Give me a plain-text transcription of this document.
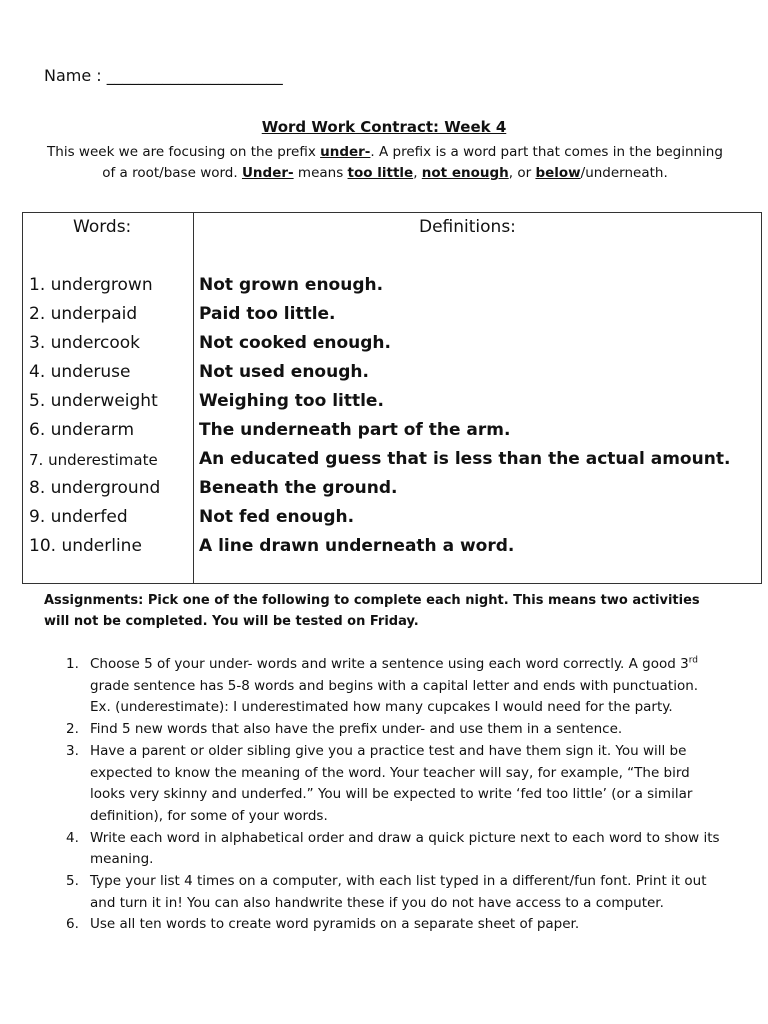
Name : ______________________
Word Work Contract: Week 4
This week we are focusing on the prefix under-. A prefix is a word part that comes in the beginning of a root/base word. Under- means too little, not enough, or below/underneath.
Words:	Definitions:
1. undergrown	Not grown enough.
2. underpaid	Paid too little.
3. undercook	Not cooked enough.
4. underuse	Not used enough.
5. underweight Weighing too little.
6. underarm	The underneath part of the arm.
7. underestimate An educated guess that is less than the actual amount.
8. underground Beneath the ground.
9. underfed	Not fed enough.
10. underline	A line drawn underneath a word.
Assignments: Pick one of the following to complete each night. This means two activities will not be completed. You will be tested on Friday.
1. Choose 5 of your under- words and write a sentence using each word correctly. A good 3rd grade sentence has 5-8 words and begins with a capital letter and ends with punctuation.
Ex. (underestimate): I underestimated how many cupcakes I would need for the party.
2. Find 5 new words that also have the prefix under- and use them in a sentence.
3. Have a parent or older sibling give you a practice test and have them sign it. You will be expected to know the meaning of the word. Your teacher will say, for example, “The bird looks very skinny and underfed.” You will be expected to write ‘fed too little’ (or a similar definition), for some of your words.
4. Write each word in alphabetical order and draw a quick picture next to each word to show its meaning.
5. Type your list 4 times on a computer, with each list typed in a different/fun font. Print it out and turn it in! You can also handwrite these if you do not have access to a computer.
6. Use all ten words to create word pyramids on a separate sheet of paper.
